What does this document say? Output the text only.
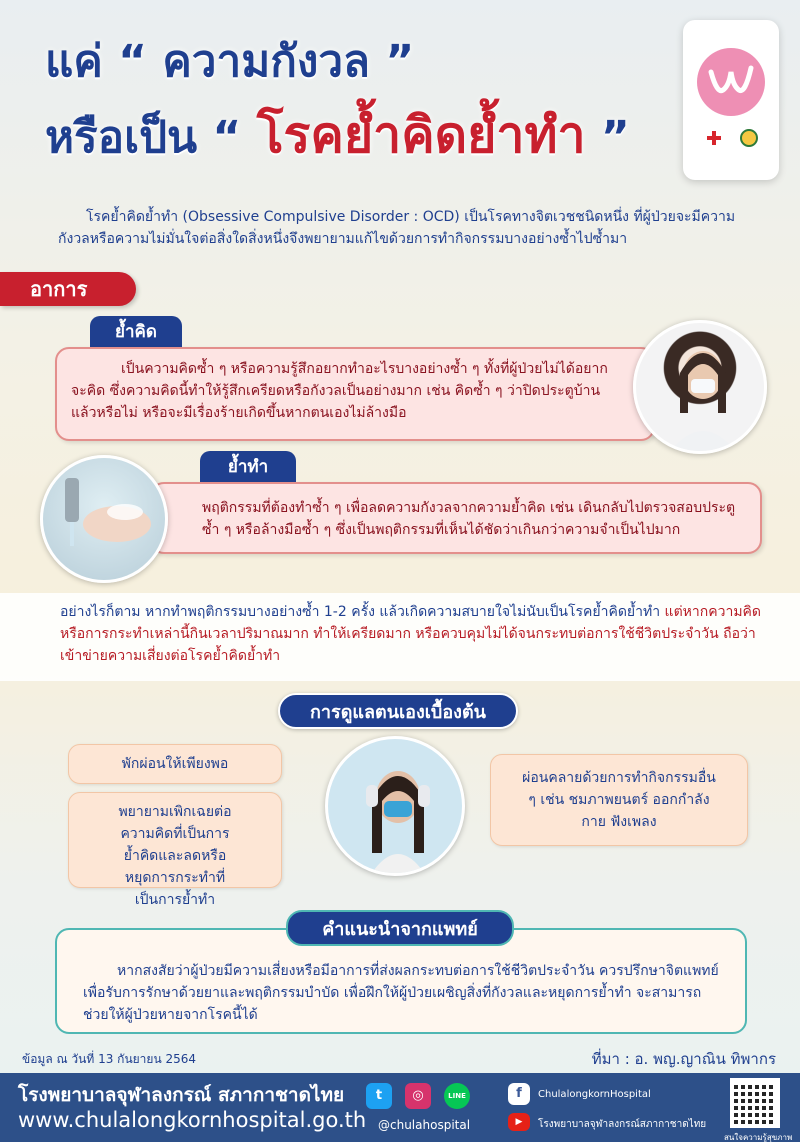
แค่ “ ความกังวล ”
หรือเป็น “ โรคย้ำคิดย้ำทำ ”
โรคย้ำคิดย้ำทำ (Obsessive Compulsive Disorder : OCD) เป็นโรคทางจิตเวชชนิดหนึ่ง ที่ผู้ป่วยจะมีความกังวลหรือความไม่มั่นใจต่อสิ่งใดสิ่งหนึ่งจึงพยายามแก้ไขด้วยการทำกิจกรรมบางอย่างซ้ำไปซ้ำมา
อาการ
ย้ำคิด
เป็นความคิดซ้ำ ๆ หรือความรู้สึกอยากทำอะไรบางอย่างซ้ำ ๆ ทั้งที่ผู้ป่วยไม่ได้อยากจะคิด ซึ่งความคิดนี้ทำให้รู้สึกเครียดหรือกังวลเป็นอย่างมาก เช่น คิดซ้ำ ๆ ว่าปิดประตูบ้านแล้วหรือไม่ หรือจะมีเรื่องร้ายเกิดขึ้นหากตนเองไม่ล้างมือ
ย้ำทำ
พฤติกรรมที่ต้องทำซ้ำ ๆ เพื่อลดความกังวลจากความย้ำคิด เช่น เดินกลับไปตรวจสอบประตูซ้ำ ๆ หรือล้างมือซ้ำ ๆ ซึ่งเป็นพฤติกรรมที่เห็นได้ชัดว่าเกินกว่าความจำเป็นไปมาก
อย่างไรก็ตาม หากทำพฤติกรรมบางอย่างซ้ำ 1-2 ครั้ง แล้วเกิดความสบายใจไม่นับเป็นโรคย้ำคิดย้ำทำ แต่หากความคิดหรือการกระทำเหล่านี้กินเวลาปริมาณมาก ทำให้เครียดมาก หรือควบคุมไม่ได้จนกระทบต่อการใช้ชีวิตประจำวัน ถือว่าเข้าข่ายความเสี่ยงต่อโรคย้ำคิดย้ำทำ
การดูแลตนเองเบื้องต้น
พักผ่อนให้เพียงพอ
พยายามเพิกเฉยต่อความคิดที่เป็นการย้ำคิดและลดหรือหยุดการกระทำที่เป็นการย้ำทำ
ผ่อนคลายด้วยการทำกิจกรรมอื่น ๆ เช่น ชมภาพยนตร์ ออกกำลังกาย ฟังเพลง
หากสงสัยว่าผู้ป่วยมีความเสี่ยงหรือมีอาการที่ส่งผลกระทบต่อการใช้ชีวิตประจำวัน ควรปรึกษาจิตแพทย์เพื่อรับการรักษาด้วยยาและพฤติกรรมบำบัด เพื่อฝึกให้ผู้ป่วยเผชิญสิ่งที่กังวลและหยุดการย้ำทำ จะสามารถช่วยให้ผู้ป่วยหายจากโรคนี้ได้
คำแนะนำจากแพทย์
ข้อมูล ณ วันที่ 13 กันยายน 2564	ที่มา : อ. พญ.ญาณิน ทิพากร
โรงพยาบาลจุฬาลงกรณ์ สภากาชาดไทย
www.chulalongkornhospital.go.th
t	◎	LINE
@chulahospital
f	ChulalongkornHospital
▶	โรงพยาบาลจุฬาลงกรณ์สภากาชาดไทย
สนใจความรู้สุขภาพ
